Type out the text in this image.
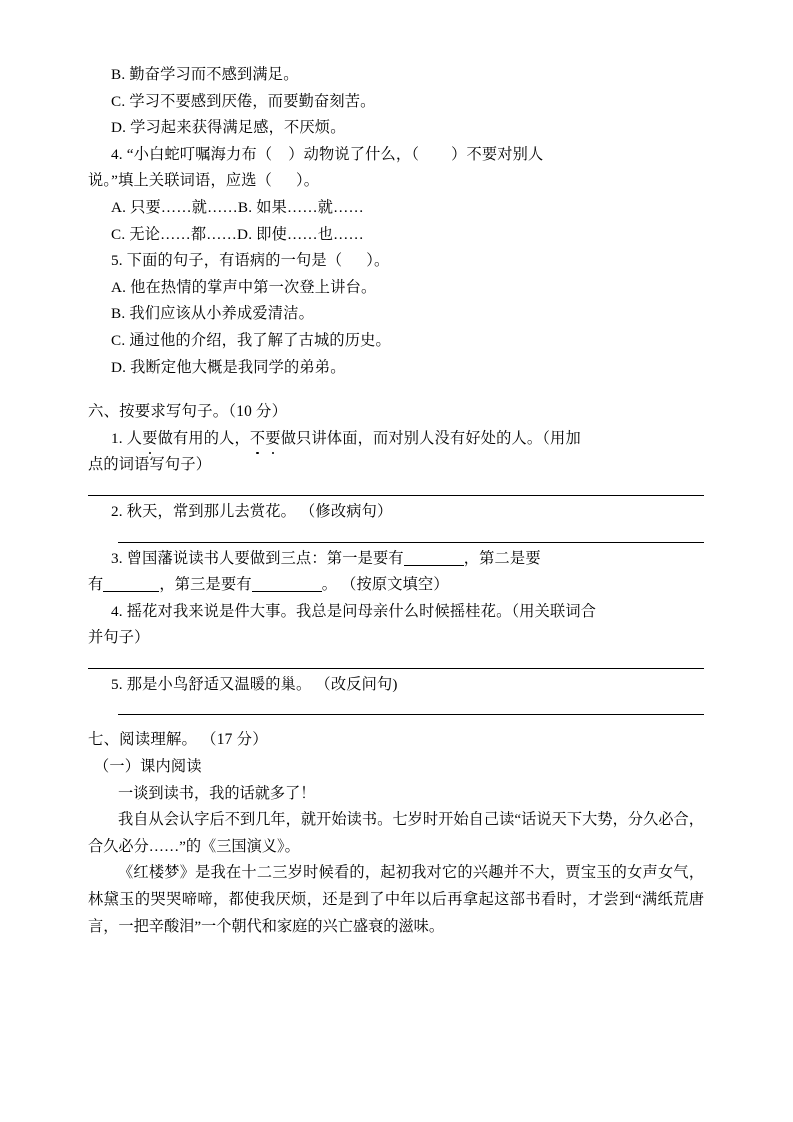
B. 勤奋学习而不感到满足。
C. 学习不要感到厌倦，而要勤奋刻苦。
D. 学习起来获得满足感，不厌烦。
4. “小白蛇叮嘱海力布（    ）动物说了什么，（        ）不要对别人
说。”填上关联词语，应选（      ）。
A. 只要……就……B. 如果……就……
C. 无论……都……D. 即使……也……
5. 下面的句子，有语病的一句是（      ）。
A. 他在热情的掌声中第一次登上讲台。
B. 我们应该从小养成爱清洁。
C. 通过他的介绍，我了解了古城的历史。
D. 我断定他大概是我同学的弟弟。
六、按要求写句子。（10 分）
1. 人要做有用的人，不要做只讲体面，而对别人没有好处的人。（用加
点的词语写句子）
2. 秋天，常到那儿去赏花。 （修改病句）
3. 曾国藩说读书人要做到三点：第一是要有	，第二是要
有	，第三是要有	。 （按原文填空）
4. 摇花对我来说是件大事。我总是问母亲什么时候摇桂花。（用关联词合
并句子）
5. 那是小鸟舒适又温暖的巢。 （改反问句)
七、阅读理解。 （17 分）
（一）课内阅读
一谈到读书，我的话就多了！
我自从会认字后不到几年，就开始读书。七岁时开始自己读“话说天下大势，分久必合，合久必分……”的《三国演义》。
《红楼梦》是我在十二三岁时候看的，起初我对它的兴趣并不大，贾宝玉的女声女气，林黛玉的哭哭啼啼，都使我厌烦，还是到了中年以后再拿起这部书看时，才尝到“满纸荒唐言，一把辛酸泪”一个朝代和家庭的兴亡盛衰的滋味。
